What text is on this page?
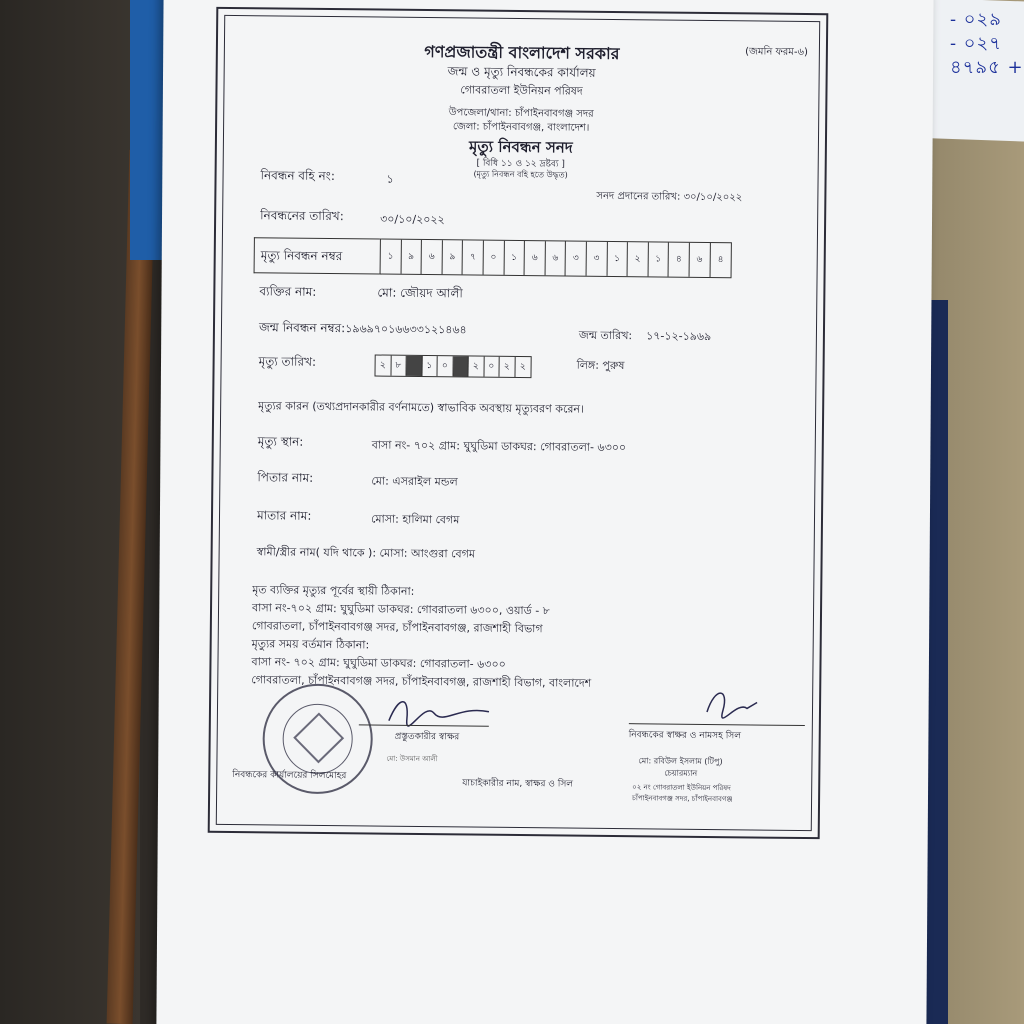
- ০২৯
- ০২৭
৪৭৯৫ +
গণপ্রজাতন্ত্রী বাংলাদেশ সরকার	(জমনি ফরম-৬)
জন্ম ও মৃত্যু নিবন্ধকের কার্যালয়
গোবরাতলা ইউনিয়ন পরিষদ
উপজেলা/থানা: চাঁপাইনবাবগঞ্জ সদর
জেলা: চাঁপাইনবাবগঞ্জ, বাংলাদেশ।
মৃত্যু নিবন্ধন সনদ
[ বিধি ১১ ও ১২ দ্রষ্টব্য ]
(মৃত্যু নিবন্ধন বহি হতে উদ্ধৃত)
নিবন্ধন বহি নং:	১
সনদ প্রদানের তারিখ: ৩০/১০/২০২২
নিবন্ধনের তারিখ:	৩০/১০/২০২২
মৃত্যু নিবন্ধন নম্বর	১	৯	৬	৯	৭	০	১	৬	৬	৩	৩	১	২	১	৪	৬	৪
ব্যক্তির নাম:	মো: জৌয়দ আলী
জন্ম নিবন্ধন নম্বর:১৯৬৯৭০১৬৬৩৩১২১৪৬৪	জন্ম তারিখ: ১৭-১২-১৯৬৯
মৃত্যু তারিখ:	২	৮	১	০	২	০	২	২	লিঙ্গ: পুরুষ
মৃত্যুর কারন (তথ্যপ্রদানকারীর বর্ণনামতে) স্বাভাবিক অবস্থায় মৃত্যুবরণ করেন।
মৃত্যু স্থান:	বাসা নং- ৭০২ গ্রাম: ঘুঘুডিমা ডাকঘর: গোবরাতলা- ৬৩০০
পিতার নাম:	মো: এসরাইল মন্ডল
মাতার নাম:	মোসা: হালিমা বেগম
স্বামী/স্ত্রীর নাম( যদি থাকে ): মোসা: আংগুরা বেগম
মৃত ব্যক্তির মৃত্যুর পূর্বের স্থায়ী ঠিকানা:
বাসা নং-৭০২ গ্রাম: ঘুঘুডিমা ডাকঘর: গোবরাতলা ৬৩০০, ওয়ার্ড - ৮
গোবরাতলা, চাঁপাইনবাবগঞ্জ সদর, চাঁপাইনবাবগঞ্জ, রাজশাহী বিভাগ
মৃত্যুর সময় বর্তমান ঠিকানা:
বাসা নং- ৭০২ গ্রাম: ঘুঘুডিমা ডাকঘর: গোবরাতলা- ৬৩০০
গোবরাতলা, চাঁপাইনবাবগঞ্জ সদর, চাঁপাইনবাবগঞ্জ, রাজশাহী বিভাগ, বাংলাদেশ
প্রস্তুতকারীর স্বাক্ষর
মো: উসমান আলী
নিবন্ধকের স্বাক্ষর ও নামসহ সিল
মো: রবিউল ইসলাম (টিপু)
চেয়ারম্যান
০২ নং গোবরাতলা ইউনিয়ন পরিষদ
চাঁপাইনবাবগঞ্জ সদর, চাঁপাইনবাবগঞ্জ
নিবন্ধকের কার্যালয়ের সিলমোহর
যাচাইকারীর নাম, স্বাক্ষর ও সিল
